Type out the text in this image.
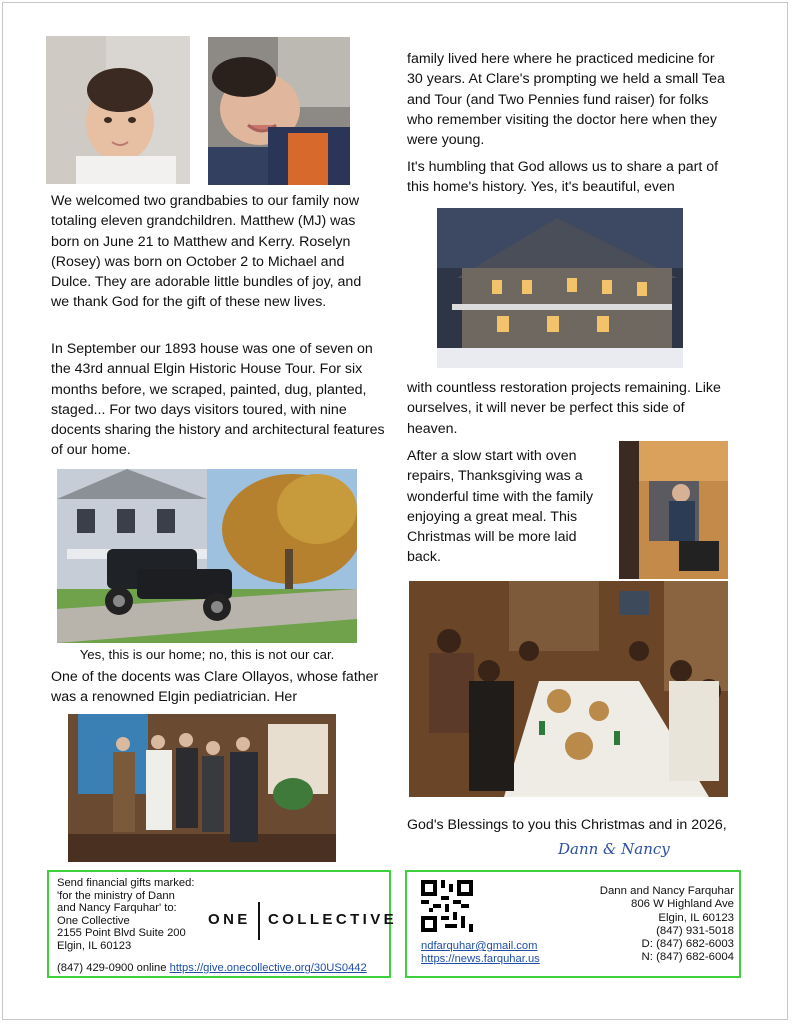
We welcomed two grandbabies to our family now totaling eleven grandchildren. Matthew (MJ) was born on June 21 to Matthew and Kerry. Roselyn (Rosey) was born on October 2 to Michael and Dulce. They are adorable little bundles of joy, and we thank God for the gift of these new lives.
In September our 1893 house was one of seven on the 43rd annual Elgin Historic House Tour. For six months before, we scraped, painted, dug, planted, staged... For two days visitors toured, with nine docents sharing the history and architectural features of our home.
Yes, this is our home; no, this is not our car.
One of the docents was Clare Ollayos, whose father was a renowned Elgin pediatrician. Her
family lived here where he practiced medicine for 30 years. At Clare's prompting we held a small Tea and Tour (and Two Pennies fund raiser) for folks who remember visiting the doctor here when they were young.
It's humbling that God allows us to share a part of this home's history. Yes, it's beautiful, even
with countless restoration projects remaining. Like ourselves, it will never be perfect this side of heaven.
After a slow start with oven repairs, Thanksgiving was a wonderful time with the family enjoying a great meal. This Christmas will be more laid back.
God's Blessings to you this Christmas and in 2026,
Dann & Nancy
Send financial gifts marked:
'for the ministry of Dann
and Nancy Farquhar' to:
One Collective
2155 Point Blvd Suite 200
Elgin, IL 60123
(847) 429-0900 online https://give.onecollective.org/30US0442
ONE COLLECTIVE
ndfarquhar@gmail.com
https://news.farquhar.us
Dann and Nancy Farquhar
806 W Highland Ave
Elgin, IL 60123
(847) 931-5018
D: (847) 682-6003
N: (847) 682-6004
